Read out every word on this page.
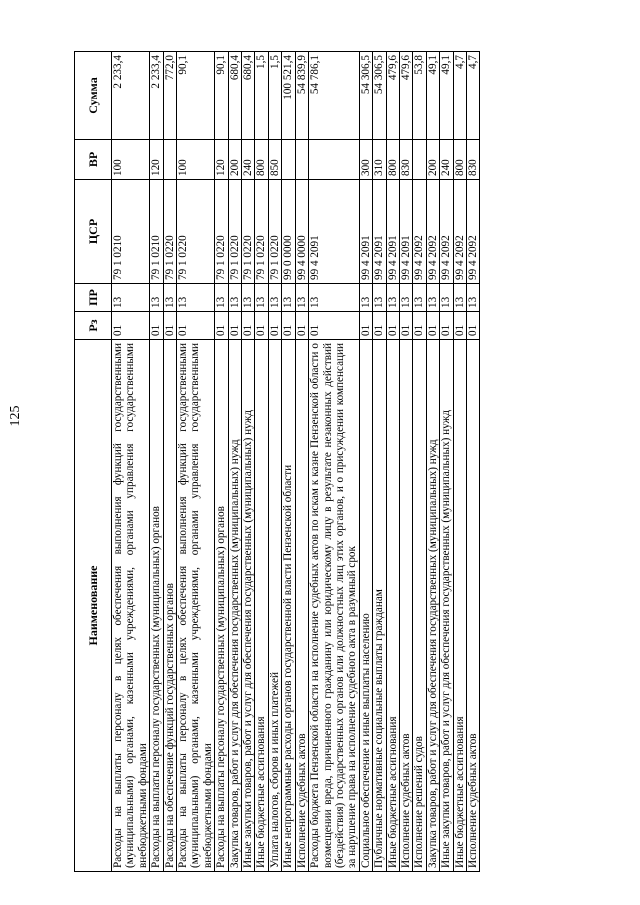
125
Наименование	Рз	ПР	ЦСР	ВР	Сумма
Расходы на выплаты персоналу в целях обеспечения выполнения функций государственными (муниципальными) органами, казенными учреждениями, органами управления государственными внебюджетными фондами	01	13	79 1 0210	100	2 233,4
Расходы на выплаты персоналу государственных (муниципальных) органов	01	13	79 1 0210	120	2 233,4
Расходы на обеспечение функций государственных органов	01	13	79 1 0220		772,0
Расходы на выплаты персоналу в целях обеспечения выполнения функций государственными (муниципальными) органами, казенными учреждениями, органами управления государственными внебюджетными фондами	01	13	79 1 0220	100	90,1
Расходы на выплаты персоналу государственных (муниципальных) органов	01	13	79 1 0220	120	90,1
Закупка товаров, работ и услуг для обеспечения государственных (муниципальных) нужд	01	13	79 1 0220	200	680,4
Иные закупки товаров, работ и услуг для обеспечения государственных (муниципальных) нужд	01	13	79 1 0220	240	680,4
Иные бюджетные ассигнования	01	13	79 1 0220	800	1,5
Уплата налогов, сборов и иных платежей	01	13	79 1 0220	850	1,5
Иные непрограммные расходы органов государственной власти Пензенской области	01	13	99 0 0000		100 521,4
Исполнение судебных актов	01	13	99 4 0000		54 839,9
Расходы бюджета Пензенской области на исполнение судебных актов по искам к казне Пензенской области о возмещении вреда, причиненного гражданину или юридическому лицу в результате незаконных действий (бездействия) государственных органов или должностных лиц этих органов, и о присуждении компенсации за нарушение права на исполнение судебного акта в разумный срок	01	13	99 4 2091		54 786,1
Социальное обеспечение и иные выплаты населению	01	13	99 4 2091	300	54 306,5
Публичные нормативные социальные выплаты гражданам	01	13	99 4 2091	310	54 306,5
Иные бюджетные ассигнования	01	13	99 4 2091	800	479,6
Исполнение судебных актов	01	13	99 4 2091	830	479,6
Исполнение решений судов	01	13	99 4 2092		53,8
Закупка товаров, работ и услуг для обеспечения государственных (муниципальных) нужд	01	13	99 4 2092	200	49,1
Иные закупки товаров, работ и услуг для обеспечения государственных (муниципальных) нужд	01	13	99 4 2092	240	49,1
Иные бюджетные ассигнования	01	13	99 4 2092	800	4,7
Исполнение судебных актов	01	13	99 4 2092	830	4,7
